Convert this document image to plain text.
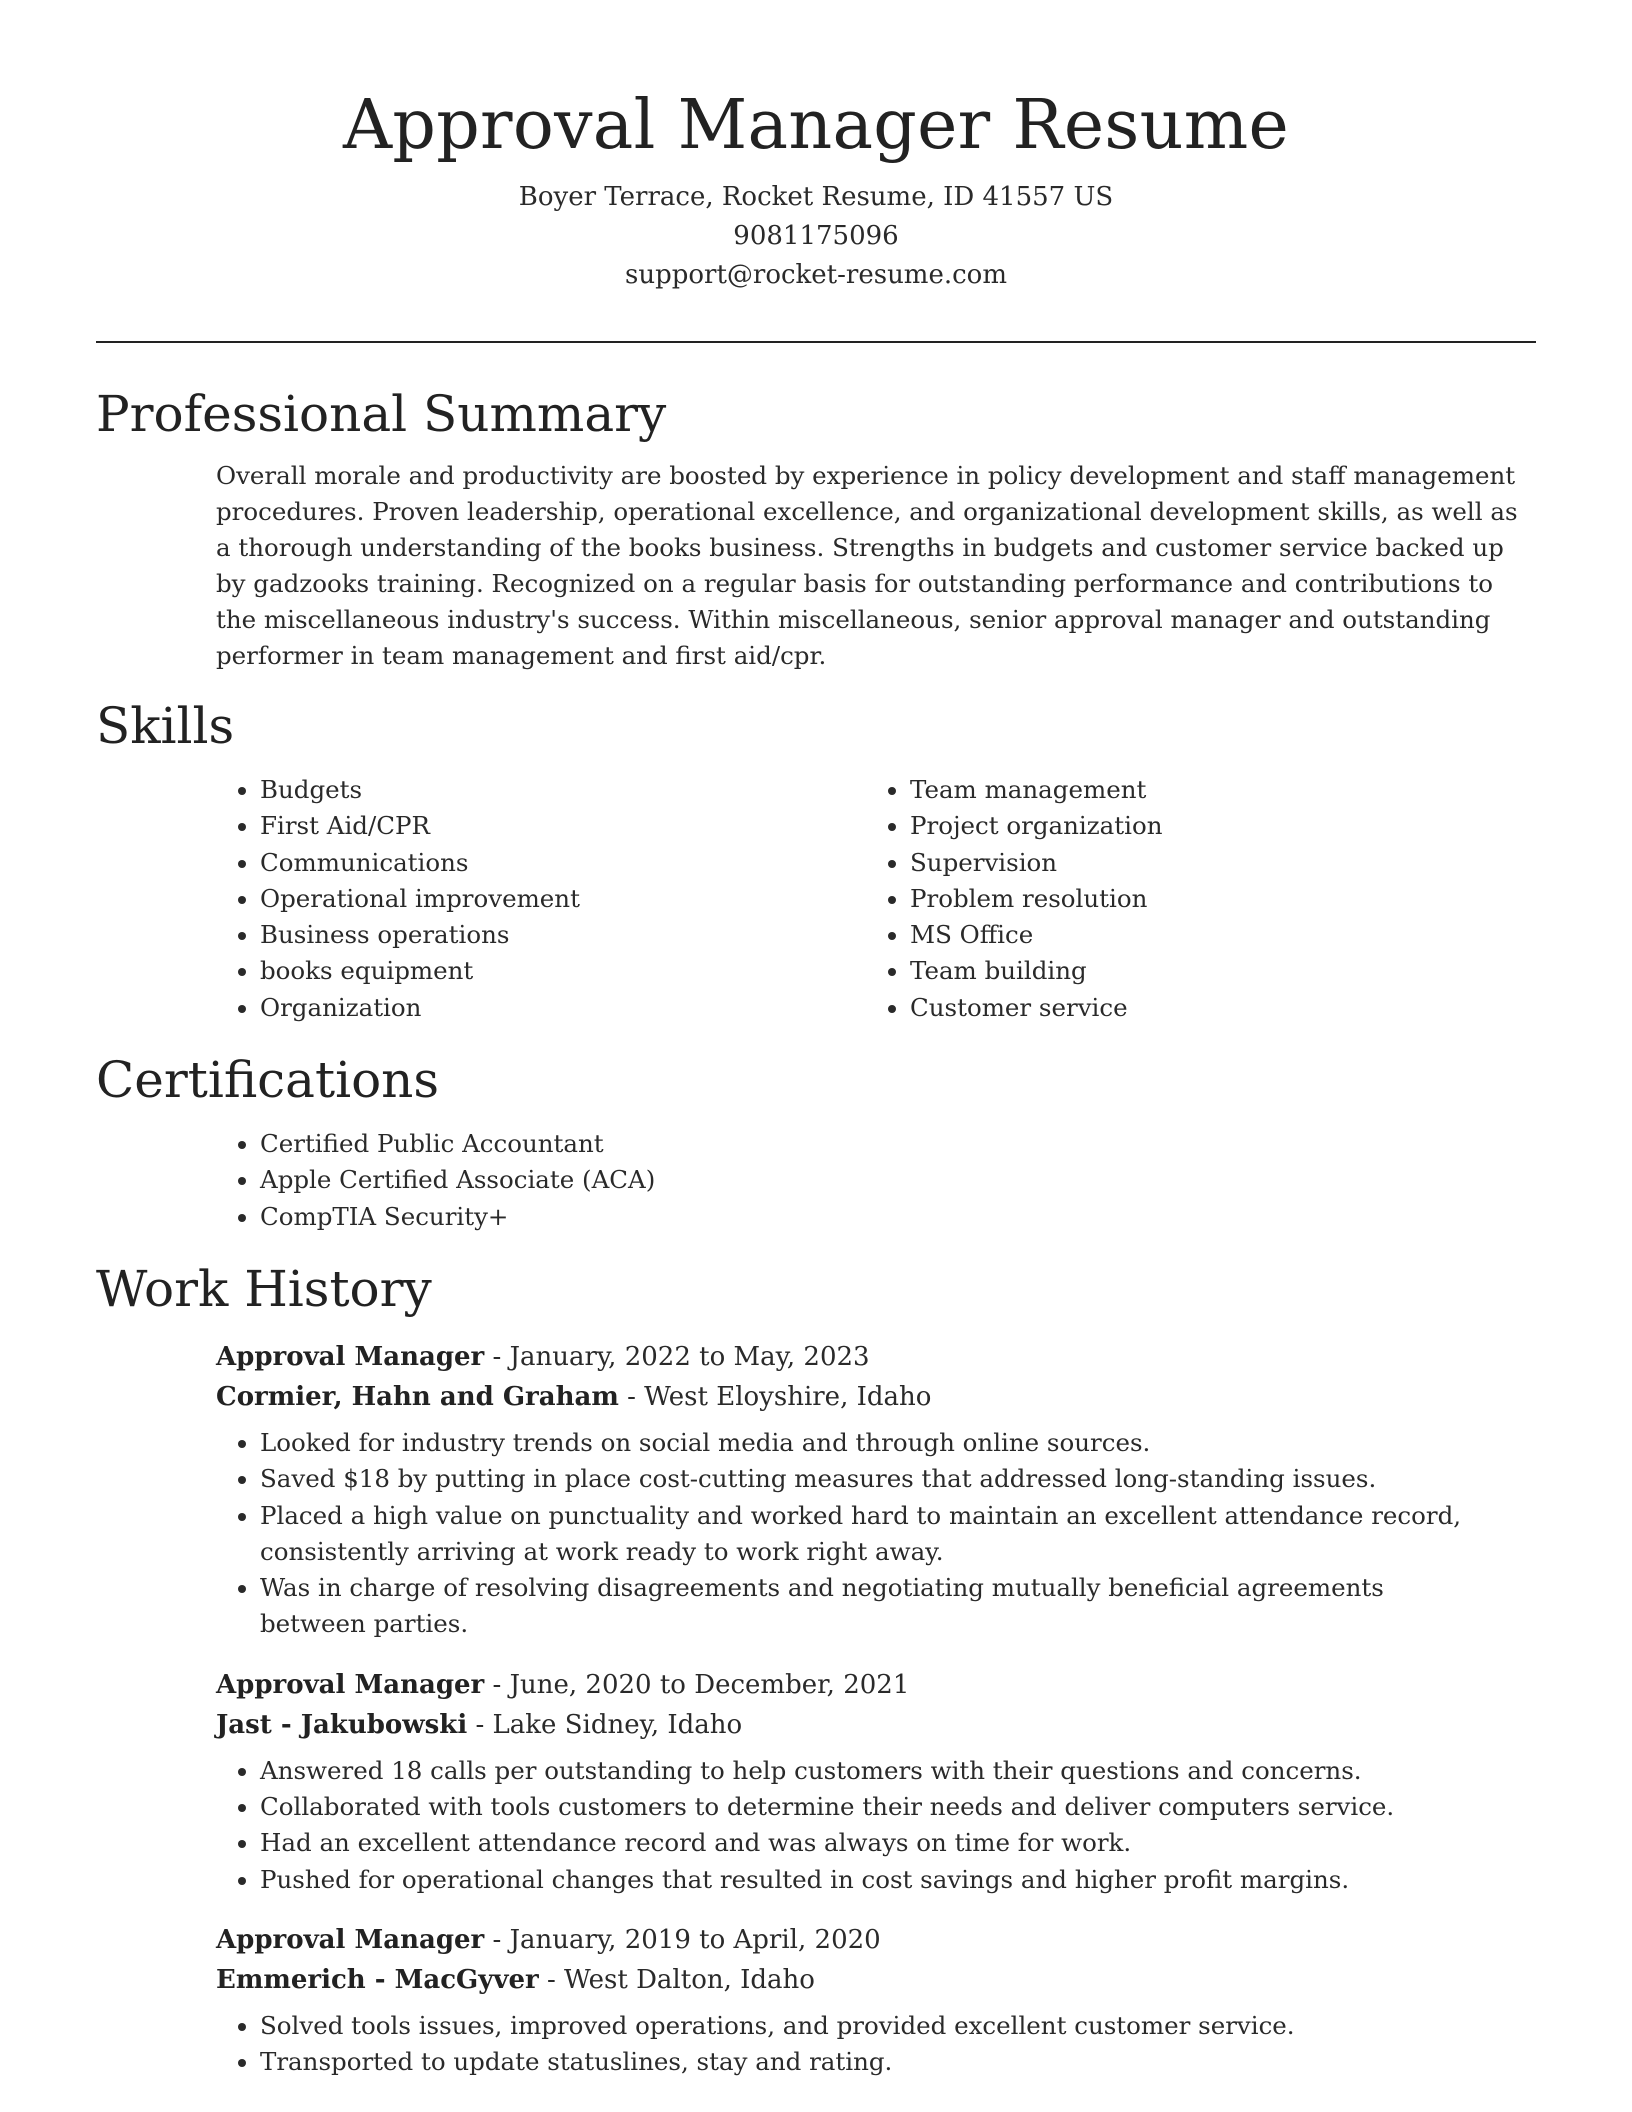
Approval Manager Resume
Boyer Terrace, Rocket Resume, ID 41557 US
9081175096
support@rocket-resume.com
Professional Summary

Overall morale and productivity are boosted by experience in policy development and staff management procedures. Proven leadership, operational excellence, and organizational development skills, as well as a thorough understanding of the books business. Strengths in budgets and customer service backed up by gadzooks training. Recognized on a regular basis for outstanding performance and contributions to the miscellaneous industry's success. Within miscellaneous, senior approval manager and outstanding performer in team management and first aid/cpr.

Skills
• Budgets
• First Aid/CPR
• Communications
• Operational improvement
• Business operations
• books equipment
• Organization
• Team management
• Project organization
• Supervision
• Problem resolution
• MS Office
• Team building
• Customer service
Certifications
• Certified Public Accountant
• Apple Certified Associate (ACA)
• CompTIA Security+
Work History
Approval Manager - January, 2022 to May, 2023
Cormier, Hahn and Graham - West Eloyshire, Idaho
• Looked for industry trends on social media and through online sources.
• Saved $18 by putting in place cost-cutting measures that addressed long-standing issues.
• Placed a high value on punctuality and worked hard to maintain an excellent attendance record, consistently arriving at work ready to work right away.
• Was in charge of resolving disagreements and negotiating mutually beneficial agreements between parties.
Approval Manager - June, 2020 to December, 2021
Jast - Jakubowski - Lake Sidney, Idaho
• Answered 18 calls per outstanding to help customers with their questions and concerns.
• Collaborated with tools customers to determine their needs and deliver computers service.
• Had an excellent attendance record and was always on time for work.
• Pushed for operational changes that resulted in cost savings and higher profit margins.
Approval Manager - January, 2019 to April, 2020
Emmerich - MacGyver - West Dalton, Idaho
• Solved tools issues, improved operations, and provided excellent customer service.
• Transported to update statuslines, stay and rating.
